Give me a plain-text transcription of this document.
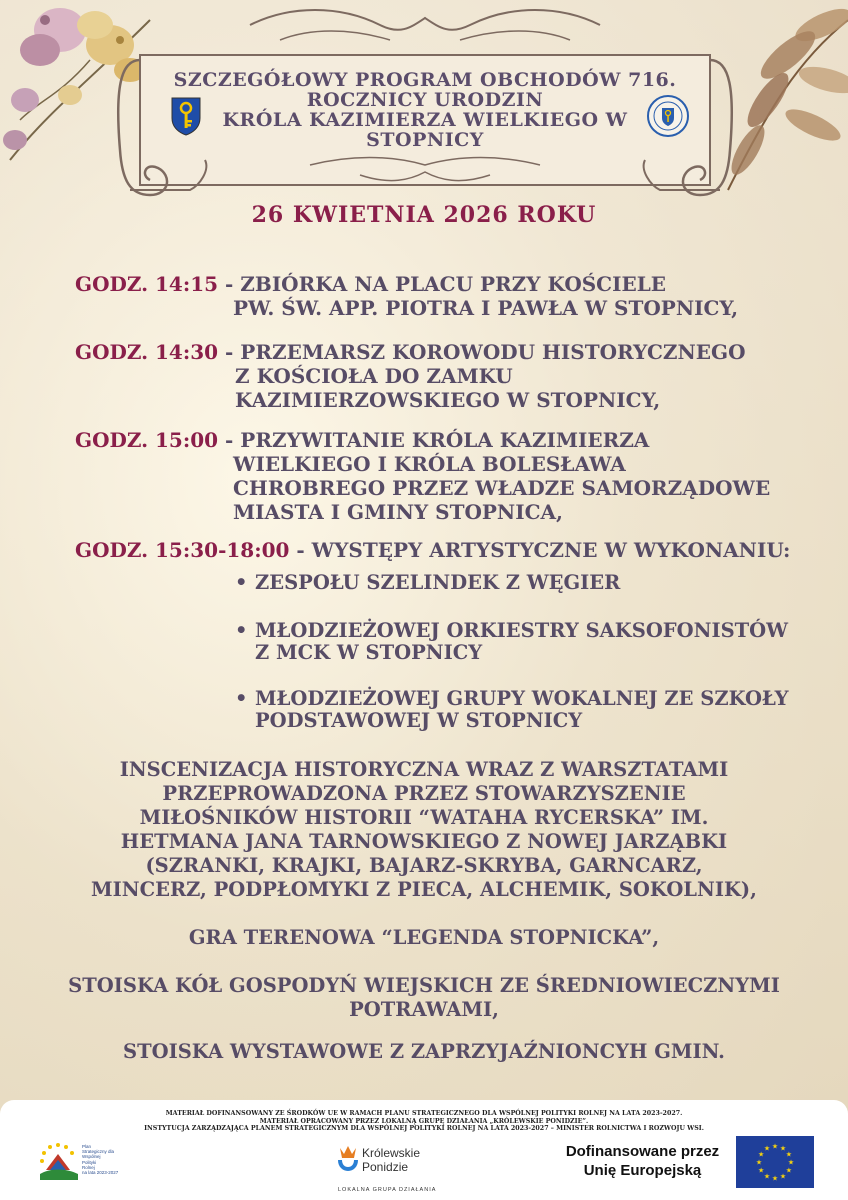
SZCZEGÓŁOWY PROGRAM OBCHODÓW 716.
ROCZNICY URODZIN
KRÓLA KAZIMIERZA WIELKIEGO W
STOPNICY
26 KWIETNIA 2026 ROKU
GODZ. 14:15 - ZBIÓRKA NA PLACU PRZY KOŚCIELE
PW. ŚW. APP. PIOTRA I PAWŁA W STOPNICY,
GODZ. 14:30 - PRZEMARSZ KOROWODU HISTORYCZNEGO
Z KOŚCIOŁA DO ZAMKU
KAZIMIERZOWSKIEGO W STOPNICY,
GODZ. 15:00 - PRZYWITANIE KRÓLA KAZIMIERZA
WIELKIEGO I KRÓLA BOLESŁAWA
CHROBREGO PRZEZ WŁADZE SAMORZĄDOWE
MIASTA I GMINY STOPNICA,
GODZ. 15:30-18:00 - WYSTĘPY ARTYSTYCZNE W WYKONANIU:
• ZESPOŁU SZELINDEK Z WĘGIER
• MŁODZIEŻOWEJ ORKIESTRY SAKSOFONISTÓW
Z MCK W STOPNICY
• MŁODZIEŻOWEJ GRUPY WOKALNEJ ZE SZKOŁY
PODSTAWOWEJ W STOPNICY
INSCENIZACJA HISTORYCZNA WRAZ Z WARSZTATAMI
PRZEPROWADZONA PRZEZ STOWARZYSZENIE
MIŁOŚNIKÓW HISTORII “WATAHA RYCERSKA” IM.
HETMANA JANA TARNOWSKIEGO Z NOWEJ JARZĄBKI
(SZRANKI, KRAJKI, BAJARZ-SKRYBA, GARNCARZ,
MINCERZ, PODPŁOMYKI Z PIECA, ALCHEMIK, SOKOLNIK),
GRA TERENOWA “LEGENDA STOPNICKA”,
STOISKA KÓŁ GOSPODYŃ WIEJSKICH ZE ŚREDNIOWIECZNYMI
POTRAWAMI,
STOISKA WYSTAWOWE Z ZAPRZYJAŹNIONCYH GMIN.
MATERIAŁ DOFINANSOWANY ZE ŚRODKÓW UE W RAMACH PLANU STRATEGICZNEGO DLA WSPÓLNEJ POLITYKI ROLNEJ NA LATA 2023-2027.
MATERIAŁ OPRACOWANY PRZEZ LOKALNĄ GRUPĘ DZIAŁANIA „KRÓLEWSKIE PONIDZIE”.
INSTYTUCJA ZARZĄDZAJĄCA PLANEM STRATEGICZNYM DLA WSPÓLNEJ POLITYKI ROLNEJ NA LATA 2023-2027 – MINISTER ROLNICTWA I ROZWOJU WSI.
Plan
Strategiczny dla
Wspólnej
Polityki
Rolnej
na lata 2023-2027
Królewskie
Ponidzie
LOKALNA GRUPA DZIAŁANIA
Dofinansowane przez
Unię Europejską
★ ★
★
★
★
★
★
★
★
★
★
★
